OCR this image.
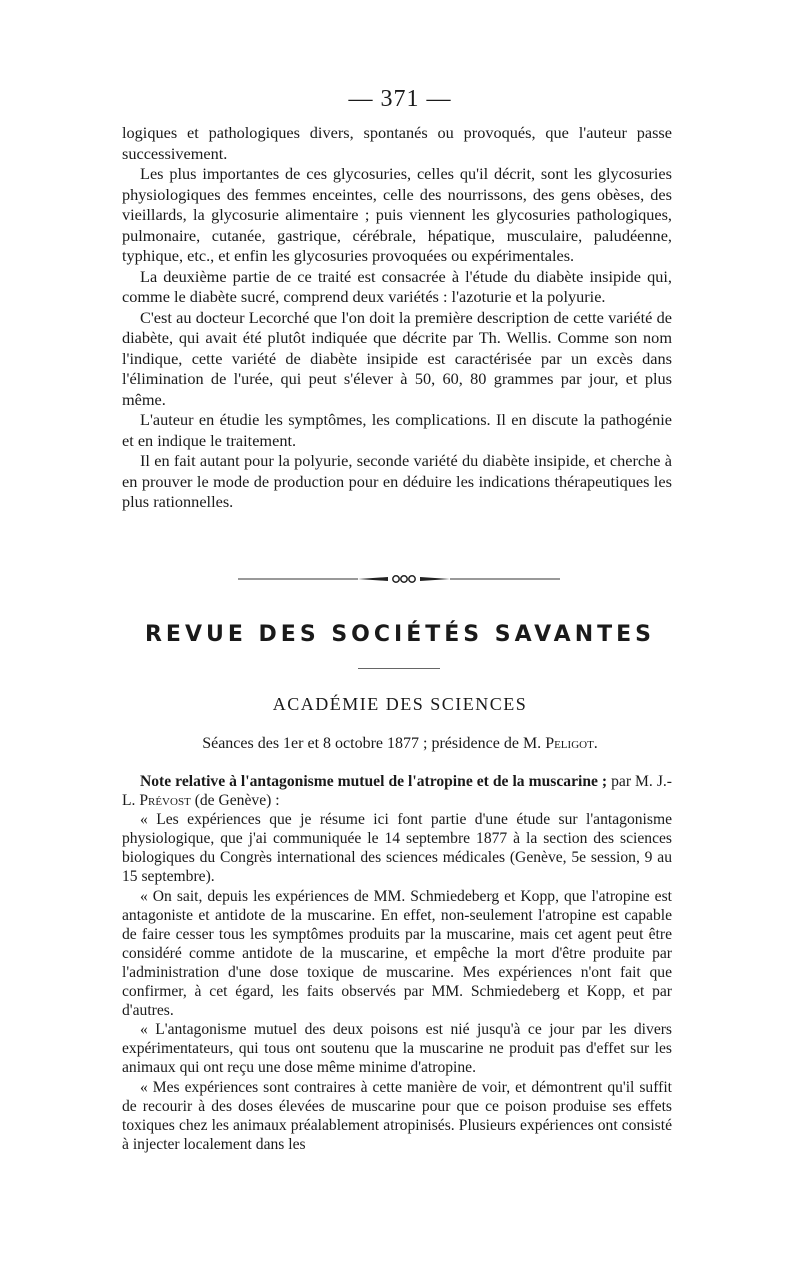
— 371 —

logiques et pathologiques divers, spontanés ou provoqués, que l'auteur passe successivement.

Les plus importantes de ces glycosuries, celles qu'il décrit, sont les glycosuries physiologiques des femmes enceintes, celle des nourrissons, des gens obèses, des vieillards, la glycosurie alimentaire ; puis viennent les glycosuries pathologiques, pulmonaire, cutanée, gastrique, cérébrale, hépatique, musculaire, paludéenne, typhique, etc., et enfin les glycosuries provoquées ou expérimentales.

La deuxième partie de ce traité est consacrée à l'étude du diabète insipide qui, comme le diabète sucré, comprend deux variétés : l'azoturie et la polyurie.

C'est au docteur Lecorché que l'on doit la première description de cette variété de diabète, qui avait été plutôt indiquée que décrite par Th. Wellis. Comme son nom l'indique, cette variété de diabète insipide est caractérisée par un excès dans l'élimination de l'urée, qui peut s'élever à 50, 60, 80 grammes par jour, et plus même.

L'auteur en étudie les symptômes, les complications. Il en discute la pathogénie et en indique le traitement.

Il en fait autant pour la polyurie, seconde variété du diabète insipide, et cherche à en prouver le mode de production pour en déduire les indications thérapeutiques les plus rationnelles.

REVUE DES SOCIÉTÉS SAVANTES
ACADÉMIE DES SCIENCES
Séances des 1er et 8 octobre 1877 ; présidence de M. Peligot.

Note relative à l'antagonisme mutuel de l'atropine et de la muscarine ; par M. J.-L. Prévost (de Genève) :

« Les expériences que je résume ici font partie d'une étude sur l'antagonisme physiologique, que j'ai communiquée le 14 septembre 1877 à la section des sciences biologiques du Congrès international des sciences médicales (Genève, 5e session, 9 au 15 septembre).

« On sait, depuis les expériences de MM. Schmiedeberg et Kopp, que l'atropine est antagoniste et antidote de la muscarine. En effet, non-seulement l'atropine est capable de faire cesser tous les symptômes produits par la muscarine, mais cet agent peut être considéré comme antidote de la muscarine, et empêche la mort d'être produite par l'administration d'une dose toxique de muscarine. Mes expériences n'ont fait que confirmer, à cet égard, les faits observés par MM. Schmiedeberg et Kopp, et par d'autres.

« L'antagonisme mutuel des deux poisons est nié jusqu'à ce jour par les divers expérimentateurs, qui tous ont soutenu que la muscarine ne produit pas d'effet sur les animaux qui ont reçu une dose même minime d'atropine.

« Mes expériences sont contraires à cette manière de voir, et démontrent qu'il suffit de recourir à des doses élevées de muscarine pour que ce poison produise ses effets toxiques chez les animaux préalablement atropinisés. Plusieurs expériences ont consisté à injecter localement dans les
